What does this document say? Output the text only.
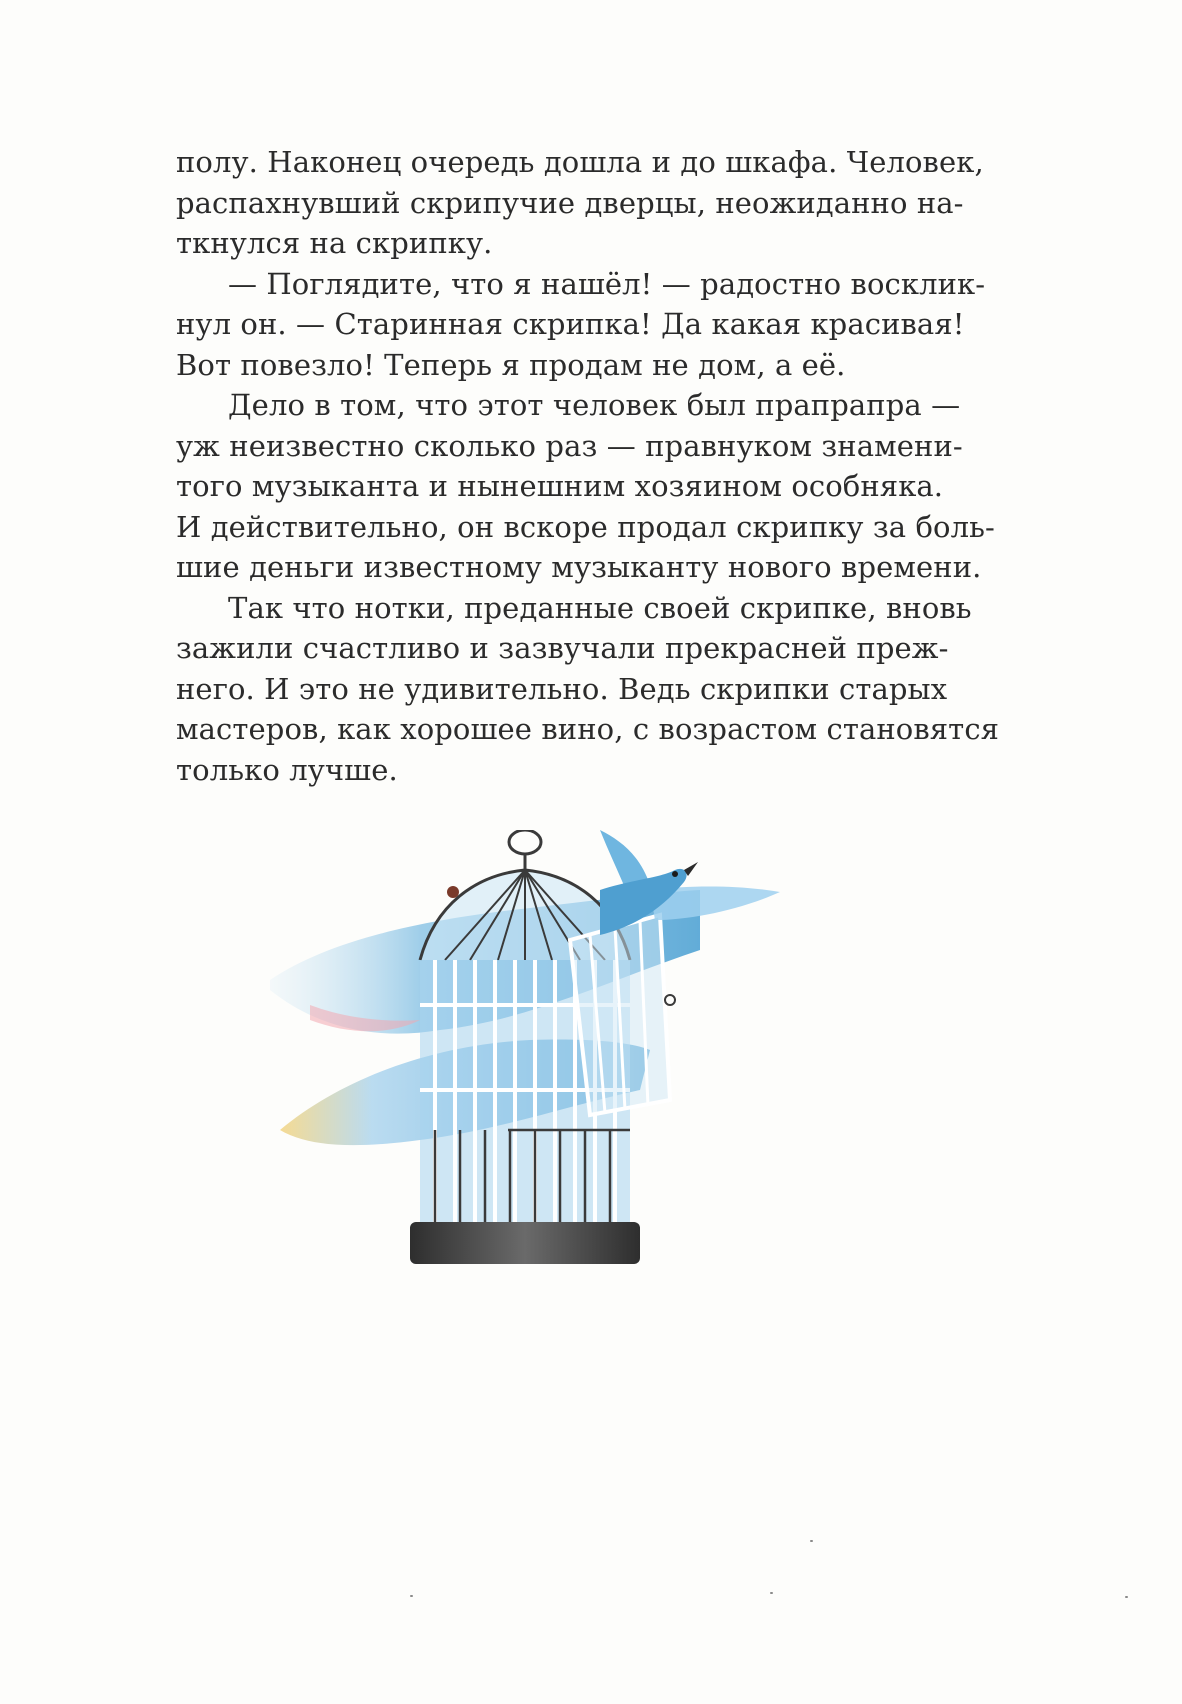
полу. Наконец очередь дошла и до шкафа. Человек,
распахнувший скрипучие дверцы, неожиданно на-
ткнулся на скрипку.
— Поглядите, что я нашёл! — радостно восклик-
нул он. — Старинная скрипка! Да какая красивая!
Вот повезло! Теперь я продам не дом, а её.
Дело в том, что этот человек был прапрапра —
уж неизвестно сколько раз — правнуком знамени-
того музыканта и нынешним хозяином особняка.
И действительно, он вскоре продал скрипку за боль-
шие деньги известному музыканту нового времени.
Так что нотки, преданные своей скрипке, вновь
зажили счастливо и зазвучали прекрасней преж-
него. И это не удивительно. Ведь скрипки старых
мастеров, как хорошее вино, с возрастом становятся
только лучше.
